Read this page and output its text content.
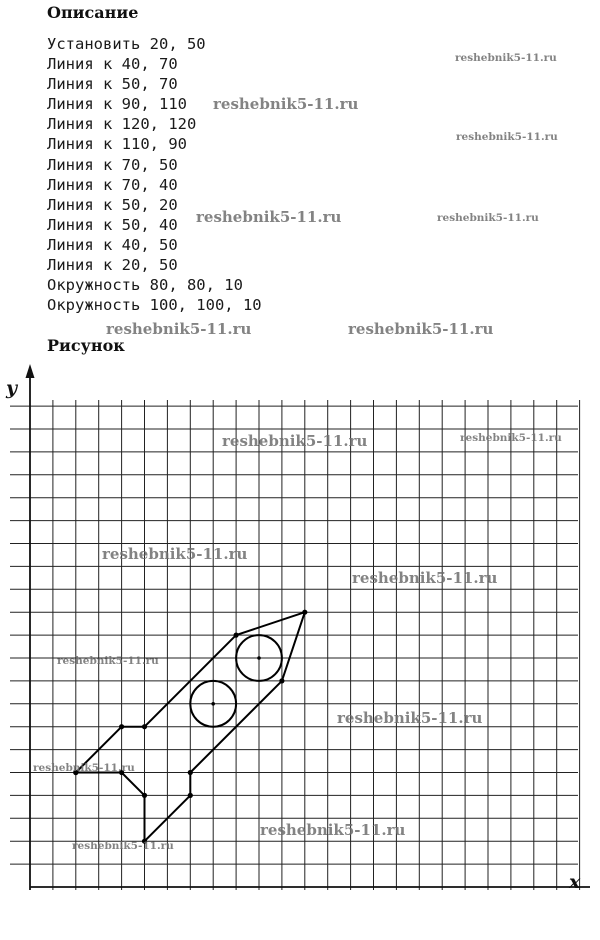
Описание
Установить 20, 50
Линия к 40, 70
Линия к 50, 70
Линия к 90, 110
Линия к 120, 120
Линия к 110, 90
Линия к 70, 50
Линия к 70, 40
Линия к 50, 20
Линия к 50, 40
Линия к 40, 50
Линия к 20, 50
Окружность 80, 80, 10
Окружность 100, 100, 10
Рисунок
y
x
reshebnik5-11.ru
reshebnik5-11.ru
reshebnik5-11.ru
reshebnik5-11.ru	reshebnik5-11.ru
reshebnik5-11.ru	reshebnik5-11.ru
reshebnik5-11.ru	reshebnik5-11.ru
reshebnik5-11.ru
reshebnik5-11.ru
reshebnik5-11.ru
reshebnik5-11.ru
reshebnik5-11.ru
reshebnik5-11.ru
reshebnik5-11.ru
